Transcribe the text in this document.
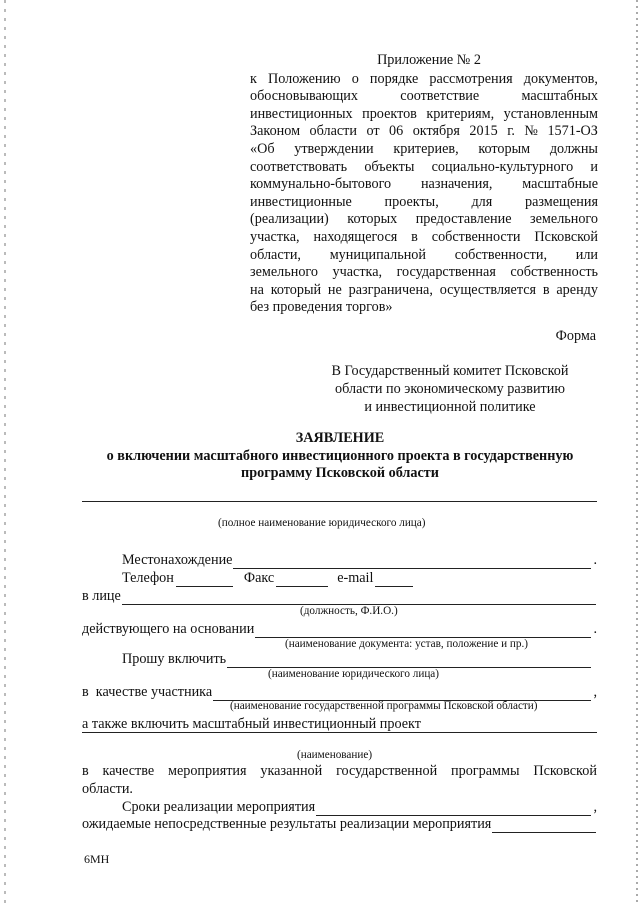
Приложение № 2
к Положению о порядке рассмотрения документов,
обосновывающих	соответствие	масштабных
инвестиционных проектов критериям, установленным
Законом области от 06 октября 2015 г. № 1571-ОЗ
«Об утверждении критериев, которым должны
соответствовать объекты социально-культурного и
коммунально-бытового назначения, масштабные
инвестиционные проекты, для размещения
(реализации) которых предоставление земельного
участка, находящегося в собственности Псковской
области, муниципальной собственности, или
земельного участка, государственная собственность
на который не разграничена, осуществляется в аренду
без проведения торгов»
Форма
В Государственный комитет Псковской
области по экономическому развитию
и инвестиционной политике
ЗАЯВЛЕНИЕ
о включении масштабного инвестиционного проекта в государственную
программу Псковской области
(полное наименование юридического лица)
Местонахождение	.
Телефон	Факс	e-mail
в лице
(должность, Ф.И.О.)
действующего на основании	.
(наименование документа: устав, положение и пр.)
Прошу включить
(наименование юридического лица)
в качестве участника	,
(наименование государственной программы Псковской области)
а также включить масштабный инвестиционный проект
(наименование)
в качестве мероприятия указанной государственной программы Псковской
области.
Сроки реализации мероприятия	,
ожидаемые непосредственные результаты реализации мероприятия
6МН
